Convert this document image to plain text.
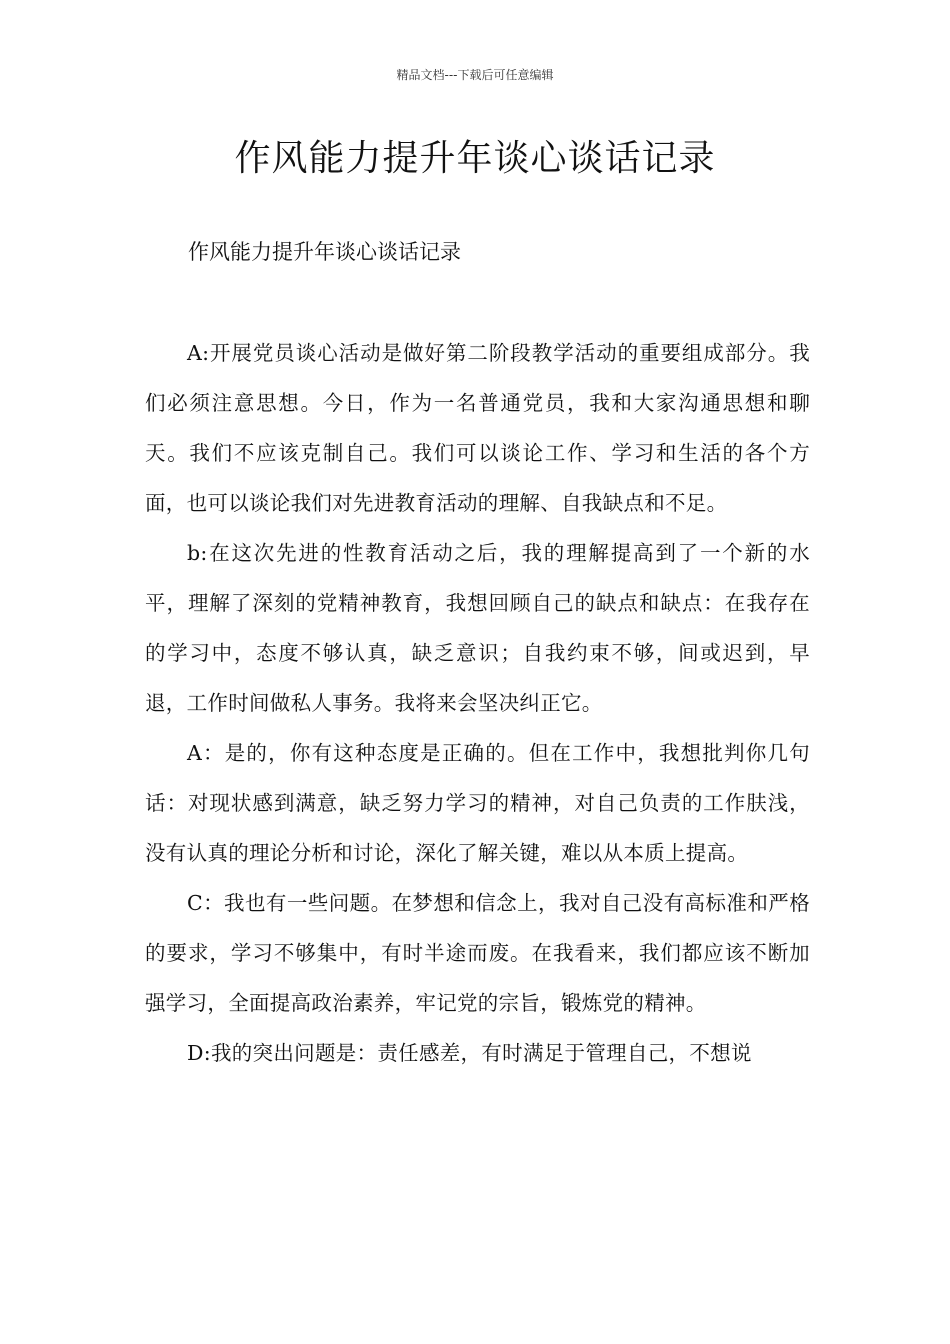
精品文档---下载后可任意编辑
作风能力提升年谈心谈话记录

作风能力提升年谈心谈话记录

A:开展党员谈心活动是做好第二阶段教学活动的重要组成部分。我们必须注意思想。今日，作为一名普通党员，我和大家沟通思想和聊天。我们不应该克制自己。我们可以谈论工作、学习和生活的各个方面，也可以谈论我们对先进教育活动的理解、自我缺点和不足。

b:在这次先进的性教育活动之后，我的理解提高到了一个新的水平，理解了深刻的党精神教育，我想回顾自己的缺点和缺点：在我存在的学习中，态度不够认真，缺乏意识；自我约束不够，间或迟到，早退，工作时间做私人事务。我将来会坚决纠正它。

A：是的，你有这种态度是正确的。但在工作中，我想批判你几句话：对现状感到满意，缺乏努力学习的精神，对自己负责的工作肤浅，没有认真的理论分析和讨论，深化了解关键，难以从本质上提高。

C：我也有一些问题。在梦想和信念上，我对自己没有高标准和严格的要求，学习不够集中，有时半途而废。在我看来，我们都应该不断加强学习，全面提高政治素养，牢记党的宗旨，锻炼党的精神。

D:我的突出问题是：责任感差，有时满足于管理自己，不想说
